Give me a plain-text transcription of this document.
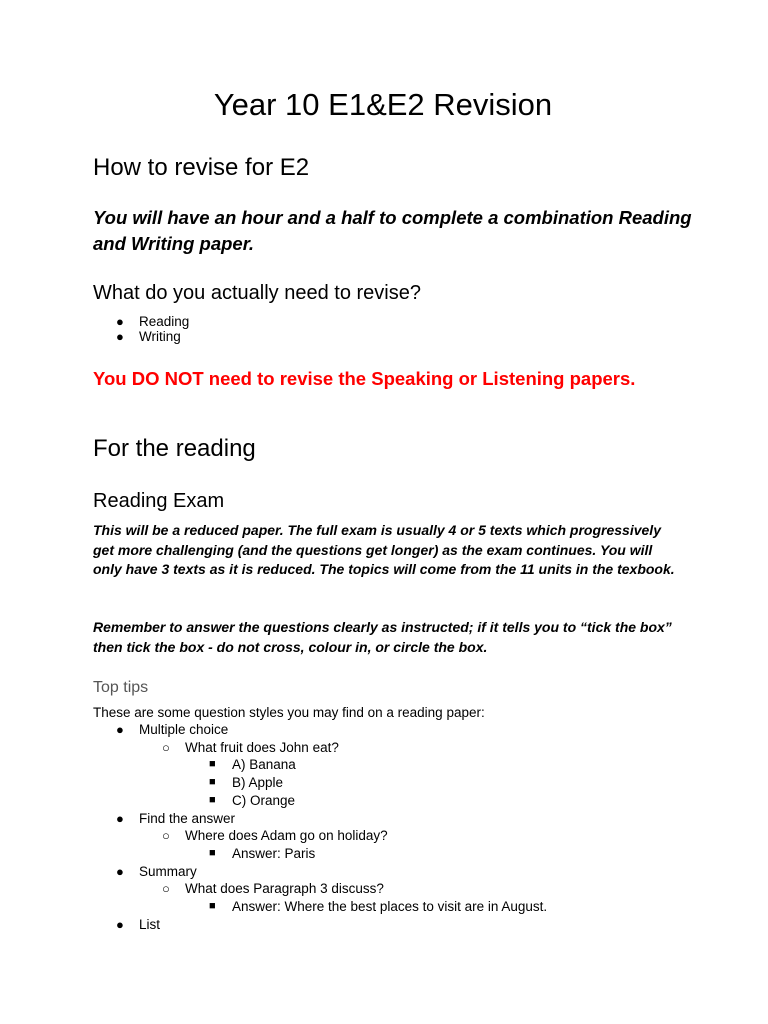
Year 10 E1&E2 Revision
How to revise for E2

You will have an hour and a half to complete a combination Reading and Writing paper.

What do you actually need to revise?
● Reading
● Writing

You DO NOT need to revise the Speaking or Listening papers.

For the reading
Reading Exam

This will be a reduced paper. The full exam is usually 4 or 5 texts which progressively get more challenging (and the questions get longer) as the exam continues. You will only have 3 texts as it is reduced. The topics will come from the 11 units in the texbook.

Remember to answer the questions clearly as instructed; if it tells you to “tick the box” then tick the box - do not cross, colour in, or circle the box.

Top tips

These are some question styles you may find on a reading paper:

● Multiple choice
○ What fruit does John eat?
■ A) Banana
■ B) Apple
■ C) Orange
● Find the answer
○ Where does Adam go on holiday?
■ Answer: Paris
● Summary
○ What does Paragraph 3 discuss?
■ Answer: Where the best places to visit are in August.
● List
